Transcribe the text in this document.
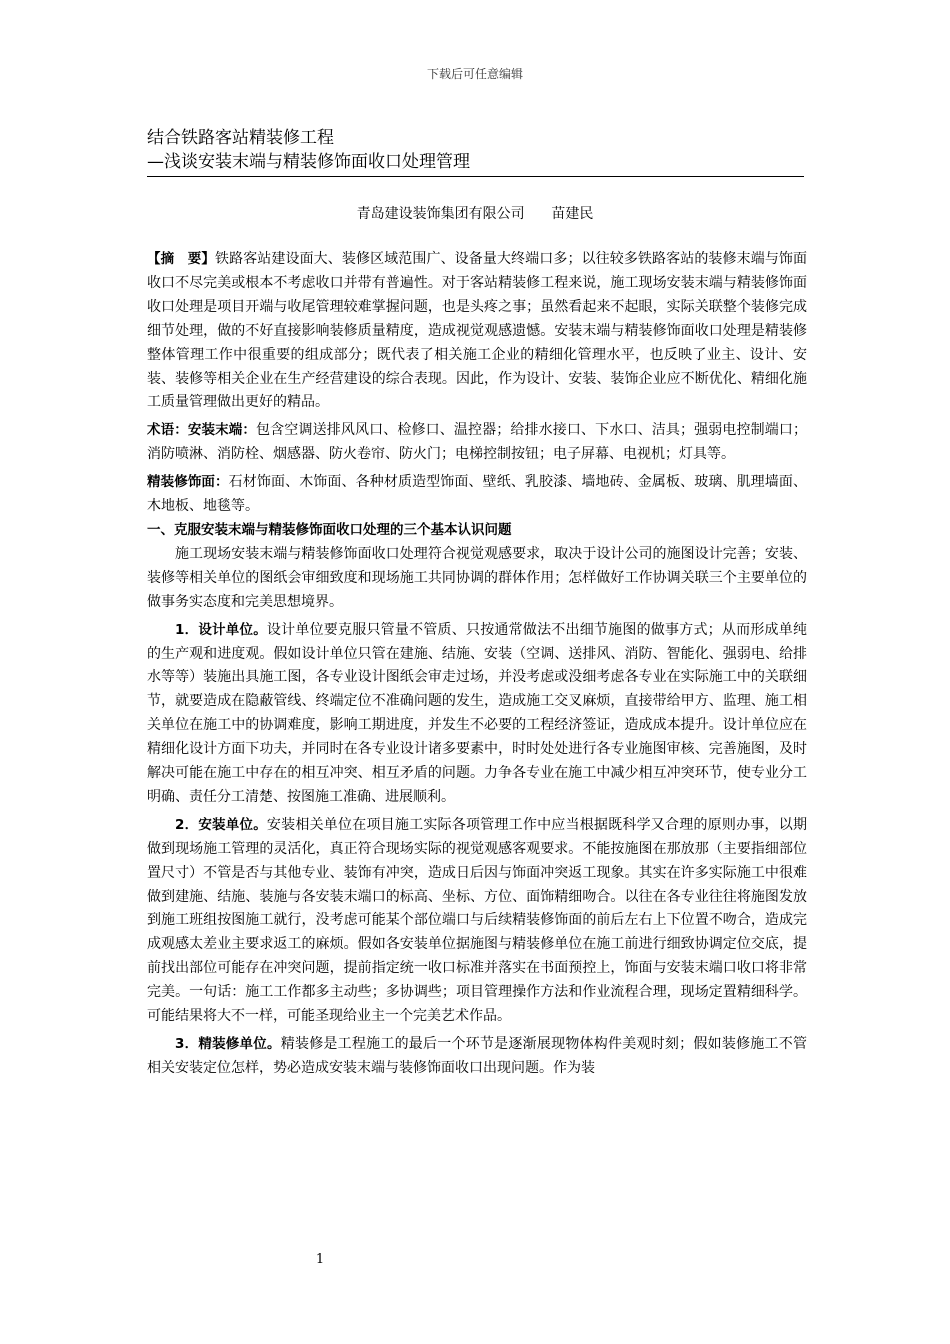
下载后可任意编辑
结合铁路客站精装修工程
—浅谈安装末端与精装修饰面收口处理管理
青岛建设装饰集团有限公司 苗建民

【摘　要】铁路客站建设面大、装修区域范围广、设备量大终端口多；以往较多铁路客站的装修末端与饰面收口不尽完美或根本不考虑收口并带有普遍性。对于客站精装修工程来说，施工现场安装末端与精装修饰面收口处理是项目开端与收尾管理较难掌握问题，也是头疼之事；虽然看起来不起眼，实际关联整个装修完成细节处理，做的不好直接影响装修质量精度，造成视觉观感遗憾。安装末端与精装修饰面收口处理是精装修整体管理工作中很重要的组成部分；既代表了相关施工企业的精细化管理水平，也反映了业主、设计、安装、装修等相关企业在生产经营建设的综合表现。因此，作为设计、安装、装饰企业应不断优化、精细化施工质量管理做出更好的精品。

术语：安装末端：包含空调送排风风口、检修口、温控器；给排水接口、下水口、洁具；强弱电控制端口；消防喷淋、消防栓、烟感器、防火卷帘、防火门；电梯控制按钮；电子屏幕、电视机；灯具等。

精装修饰面：石材饰面、木饰面、各种材质造型饰面、壁纸、乳胶漆、墙地砖、金属板、玻璃、肌理墙面、木地板、地毯等。

一、克服安装末端与精装修饰面收口处理的三个基本认识问题

施工现场安装末端与精装修饰面收口处理符合视觉观感要求，取决于设计公司的施图设计完善；安装、装修等相关单位的图纸会审细致度和现场施工共同协调的群体作用；怎样做好工作协调关联三个主要单位的做事务实态度和完美思想境界。

1．设计单位。设计单位要克服只管量不管质、只按通常做法不出细节施图的做事方式；从而形成单纯的生产观和进度观。假如设计单位只管在建施、结施、安装（空调、送排风、消防、智能化、强弱电、给排水等等）装施出具施工图，各专业设计图纸会审走过场，并没考虑或没细考虑各专业在实际施工中的关联细节，就要造成在隐蔽管线、终端定位不准确问题的发生，造成施工交叉麻烦，直接带给甲方、监理、施工相关单位在施工中的协调难度，影响工期进度，并发生不必要的工程经济签证，造成成本提升。设计单位应在精细化设计方面下功夫，并同时在各专业设计诸多要素中，时时处处进行各专业施图审核、完善施图，及时解决可能在施工中存在的相互冲突、相互矛盾的问题。力争各专业在施工中减少相互冲突环节，使专业分工明确、责任分工清楚、按图施工准确、进展顺利。

2．安装单位。安装相关单位在项目施工实际各项管理工作中应当根据既科学又合理的原则办事，以期做到现场施工管理的灵活化，真正符合现场实际的视觉观感客观要求。不能按施图在那放那（主要指细部位置尺寸）不管是否与其他专业、装饰有冲突，造成日后因与饰面冲突返工现象。其实在许多实际施工中很难做到建施、结施、装施与各安装末端口的标高、坐标、方位、面饰精细吻合。以往在各专业往往将施图发放到施工班组按图施工就行，没考虑可能某个部位端口与后续精装修饰面的前后左右上下位置不吻合，造成完成观感太差业主要求返工的麻烦。假如各安装单位据施图与精装修单位在施工前进行细致协调定位交底，提前找出部位可能存在冲突问题，提前指定统一收口标准并落实在书面预控上，饰面与安装末端口收口将非常完美。一句话：施工工作都多主动些；多协调些；项目管理操作方法和作业流程合理，现场定置精细科学。可能结果将大不一样，可能圣现给业主一个完美艺术作品。

3．精装修单位。精装修是工程施工的最后一个环节是逐渐展现物体构件美观时刻；假如装修施工不管相关安装定位怎样，势必造成安装末端与装修饰面收口出现问题。作为装

1
